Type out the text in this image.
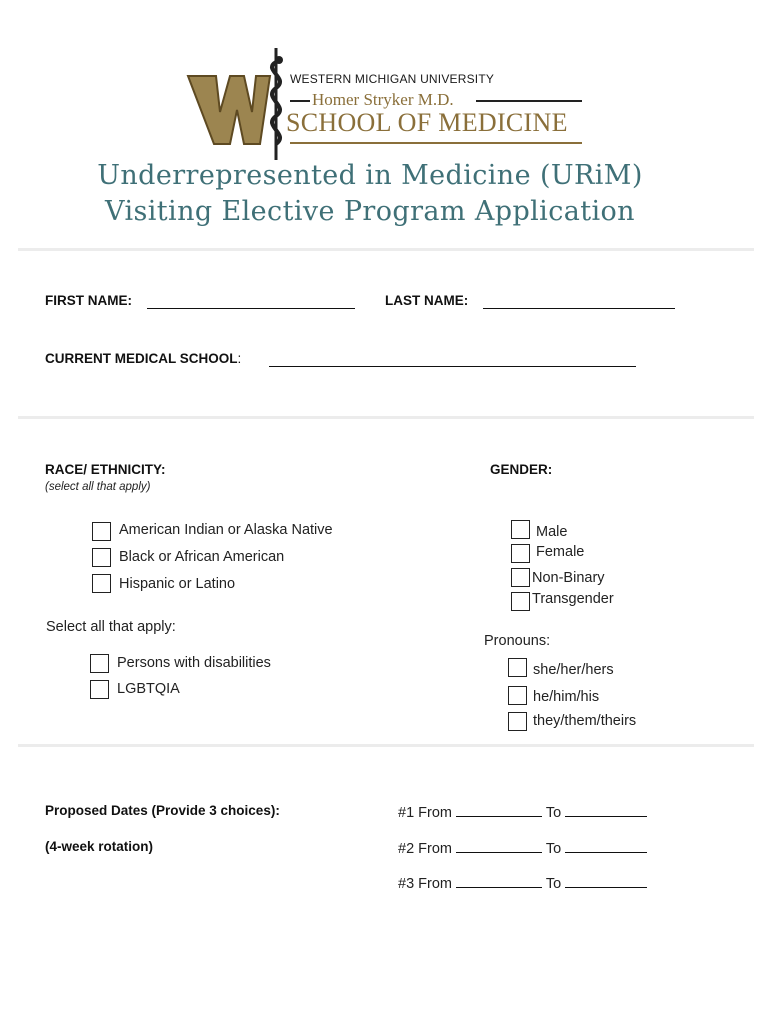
WESTERN MICHIGAN UNIVERSITY
Homer Stryker M.D.
SCHOOL OF MEDICINE
Underrepresented in Medicine (URiM)
Visiting Elective Program Application
FIRST NAME:	LAST NAME:
CURRENT MEDICAL SCHOOL:
RACE/ ETHNICITY:
(select all that apply)
American Indian or Alaska Native
Black or African American
Hispanic or Latino
GENDER:
Male
Female
Non-Binary
Transgender
Select all that apply:
Persons with disabilities
LGBTQIA
Pronouns:
she/her/hers
he/him/his
they/them/theirs
Proposed Dates (Provide 3 choices):
(4-week rotation)
#1 From	To
#2 From	To
#3 From	To
